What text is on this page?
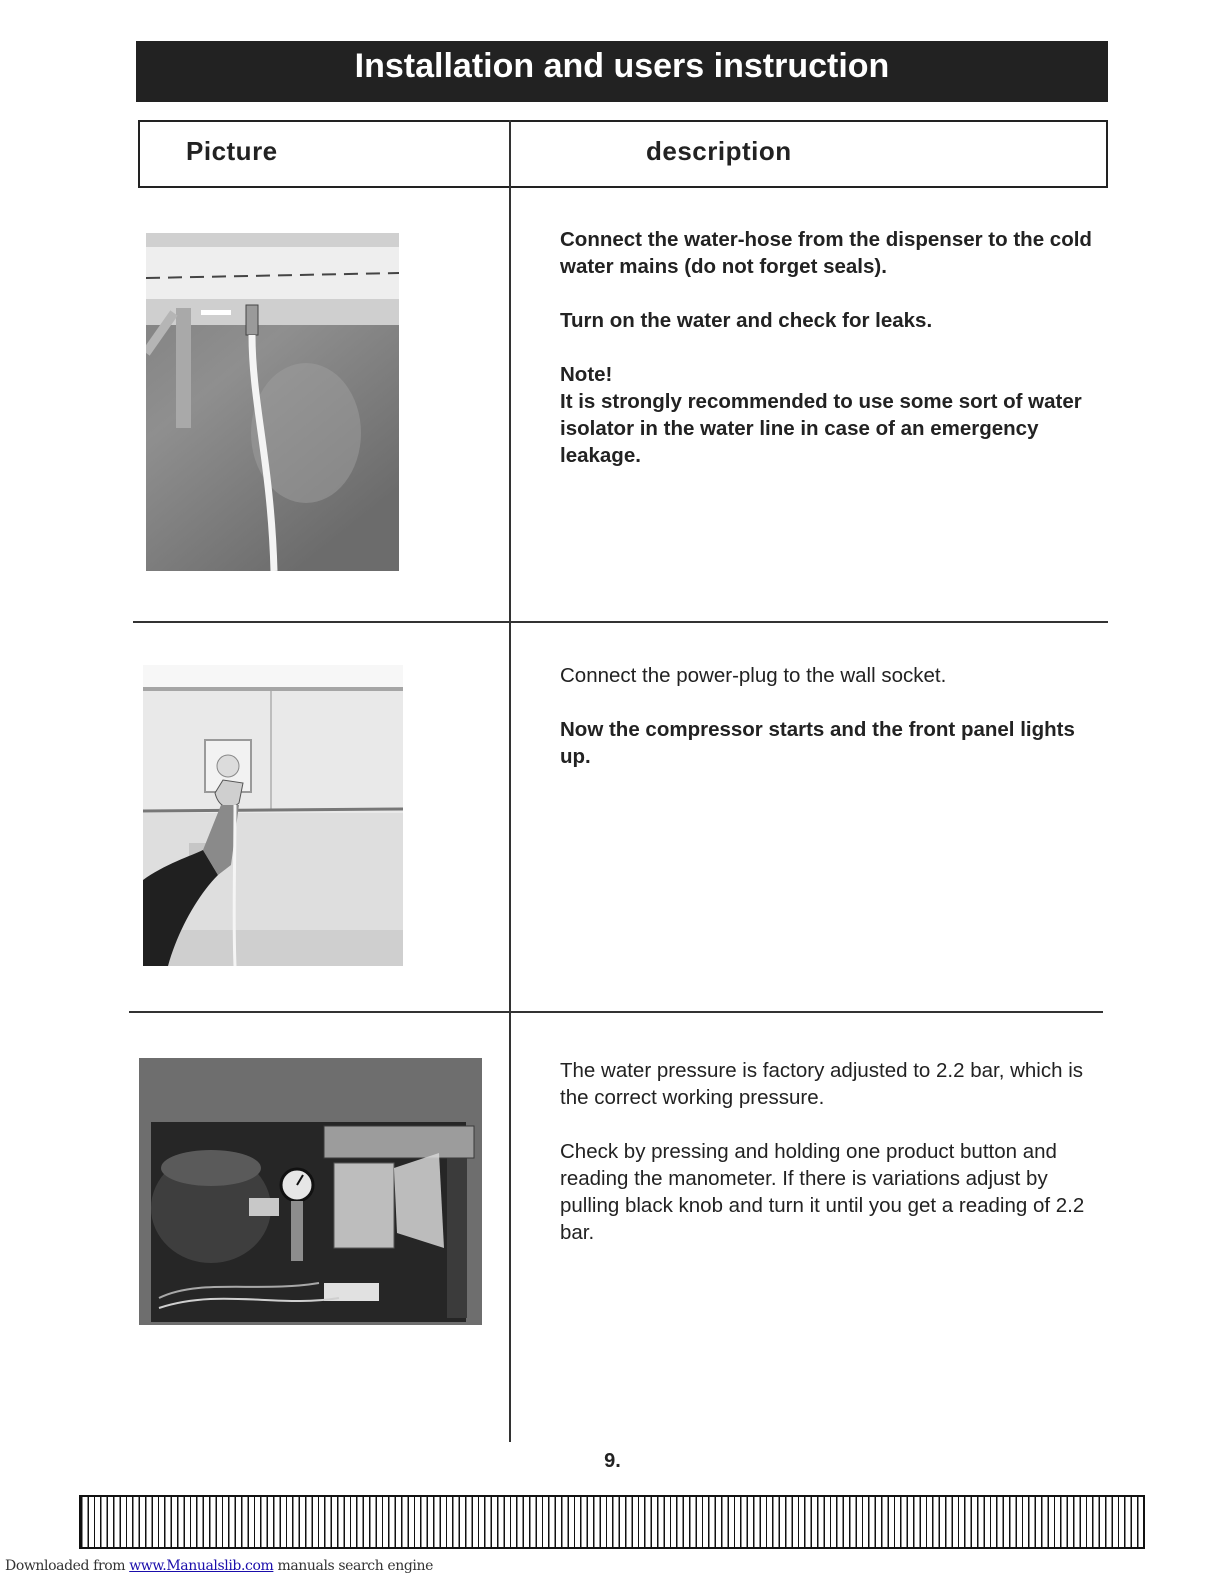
Installation and users instruction
Picture	description

Connect the water-hose from the dispenser to the cold water mains (do not forget seals).

Turn on the water and check for leaks.

Note!

It is strongly recommended to use some sort of water isolator in the water line in case of an emergency leakage.

Connect the power-plug to the wall socket.

Now the compressor starts and the front panel lights up.

The water pressure is factory adjusted to 2.2 bar, which is the correct working pressure.

Check by pressing and holding one product button and reading the manometer. If there is variations adjust by pulling black knob and turn it until you get a reading of 2.2 bar.

9.
Downloaded from www.Manualslib.com manuals search engine
